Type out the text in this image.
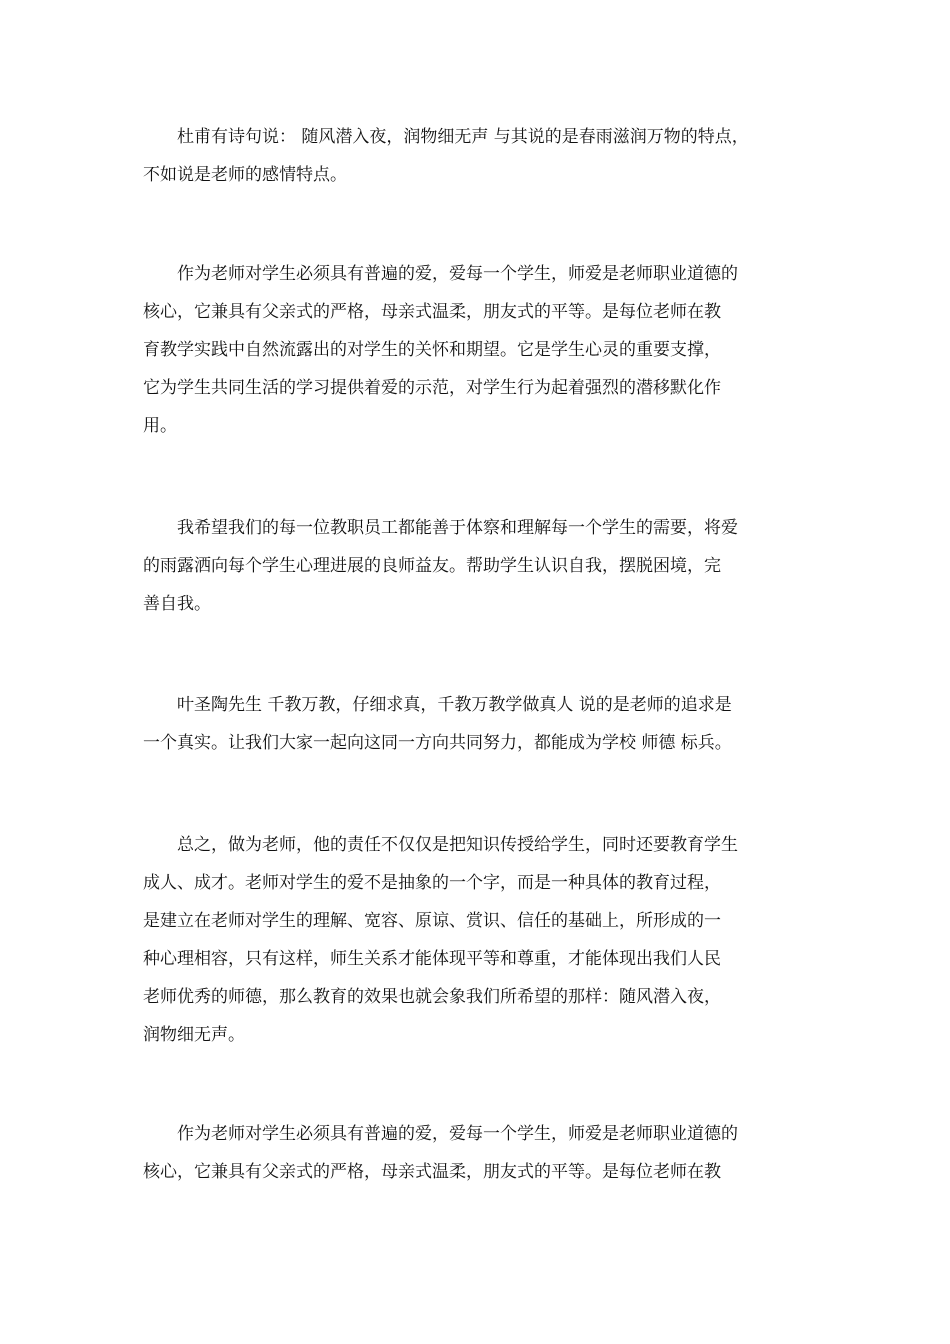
杜甫有诗句说： 随风潜入夜，润物细无声 与其说的是春雨滋润万物的特点，
不如说是老师的感情特点。

作为老师对学生必须具有普遍的爱，爱每一个学生，师爱是老师职业道德的
核心，它兼具有父亲式的严格，母亲式温柔，朋友式的平等。是每位老师在教
育教学实践中自然流露出的对学生的关怀和期望。它是学生心灵的重要支撑，
它为学生共同生活的学习提供着爱的示范，对学生行为起着强烈的潜移默化作
用。

我希望我们的每一位教职员工都能善于体察和理解每一个学生的需要，将爱
的雨露洒向每个学生心理进展的良师益友。帮助学生认识自我，摆脱困境，完
善自我。

叶圣陶先生 千教万教，仔细求真，千教万教学做真人 说的是老师的追求是
一个真实。让我们大家一起向这同一方向共同努力，都能成为学校 师德 标兵。

总之，做为老师，他的责任不仅仅是把知识传授给学生，同时还要教育学生
成人、成才。老师对学生的爱不是抽象的一个字，而是一种具体的教育过程，
是建立在老师对学生的理解、宽容、原谅、赏识、信任的基础上，所形成的一
种心理相容，只有这样，师生关系才能体现平等和尊重，才能体现出我们人民
老师优秀的师德，那么教育的效果也就会象我们所希望的那样：随风潜入夜，
润物细无声。

作为老师对学生必须具有普遍的爱，爱每一个学生，师爱是老师职业道德的
核心，它兼具有父亲式的严格，母亲式温柔，朋友式的平等。是每位老师在教
